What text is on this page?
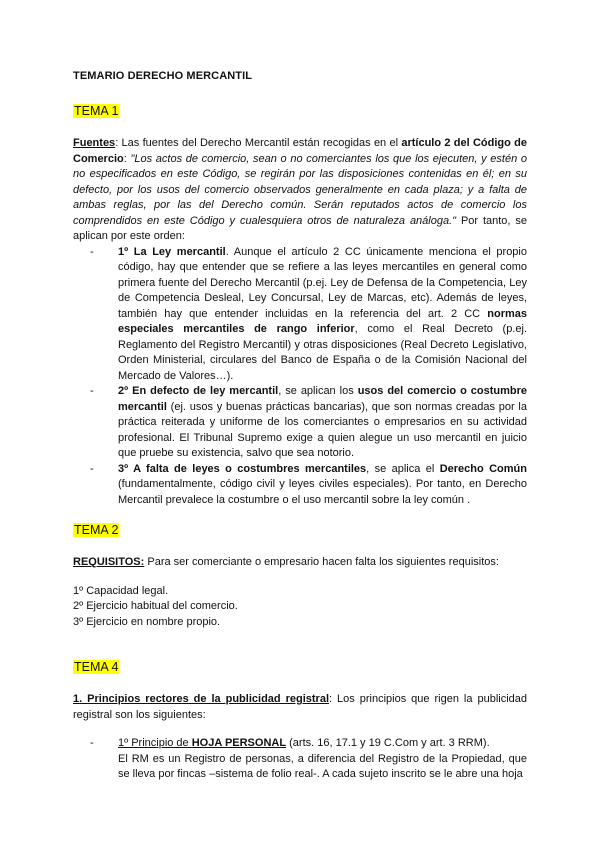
TEMARIO DERECHO MERCANTIL
TEMA 1

Fuentes: Las fuentes del Derecho Mercantil están recogidas en el artículo 2 del Código de Comercio: "Los actos de comercio, sean o no comerciantes los que los ejecuten, y estén o no especificados en este Código, se regirán por las disposiciones contenidas en él; en su defecto, por los usos del comercio observados generalmente en cada plaza; y a falta de ambas reglas, por las del Derecho común. Serán reputados actos de comercio los comprendidos en este Código y cualesquiera otros de naturaleza análoga." Por tanto, se aplican por este orden:

- 1º La Ley mercantil. Aunque el artículo 2 CC únicamente menciona el propio código, hay que entender que se refiere a las leyes mercantiles en general como primera fuente del Derecho Mercantil (p.ej. Ley de Defensa de la Competencia, Ley de Competencia Desleal, Ley Concursal, Ley de Marcas, etc). Además de leyes, también hay que entender incluidas en la referencia del art. 2 CC normas especiales mercantiles de rango inferior, como el Real Decreto (p.ej. Reglamento del Registro Mercantil) y otras disposiciones (Real Decreto Legislativo, Orden Ministerial, circulares del Banco de España o de la Comisión Nacional del Mercado de Valores…).
- 2º En defecto de ley mercantil, se aplican los usos del comercio o costumbre mercantil (ej. usos y buenas prácticas bancarias), que son normas creadas por la práctica reiterada y uniforme de los comerciantes o empresarios en su actividad profesional. El Tribunal Supremo exige a quien alegue un uso mercantil en juicio que pruebe su existencia, salvo que sea notorio.
- 3º A falta de leyes o costumbres mercantiles, se aplica el Derecho Común (fundamentalmente, código civil y leyes civiles especiales). Por tanto, en Derecho Mercantil prevalece la costumbre o el uso mercantil sobre la ley común .
TEMA 2

REQUISITOS: Para ser comerciante o empresario hacen falta los siguientes requisitos:

1º Capacidad legal.

2º Ejercicio habitual del comercio.

3º Ejercicio en nombre propio.

TEMA 4

1. Principios rectores de la publicidad registral: Los principios que rigen la publicidad registral son los siguientes:

- 1º Principio de HOJA PERSONAL (arts. 16, 17.1 y 19 C.Com y art. 3 RRM).
El RM es un Registro de personas, a diferencia del Registro de la Propiedad, que se lleva por fincas –sistema de folio real-. A cada sujeto inscrito se le abre una hoja
